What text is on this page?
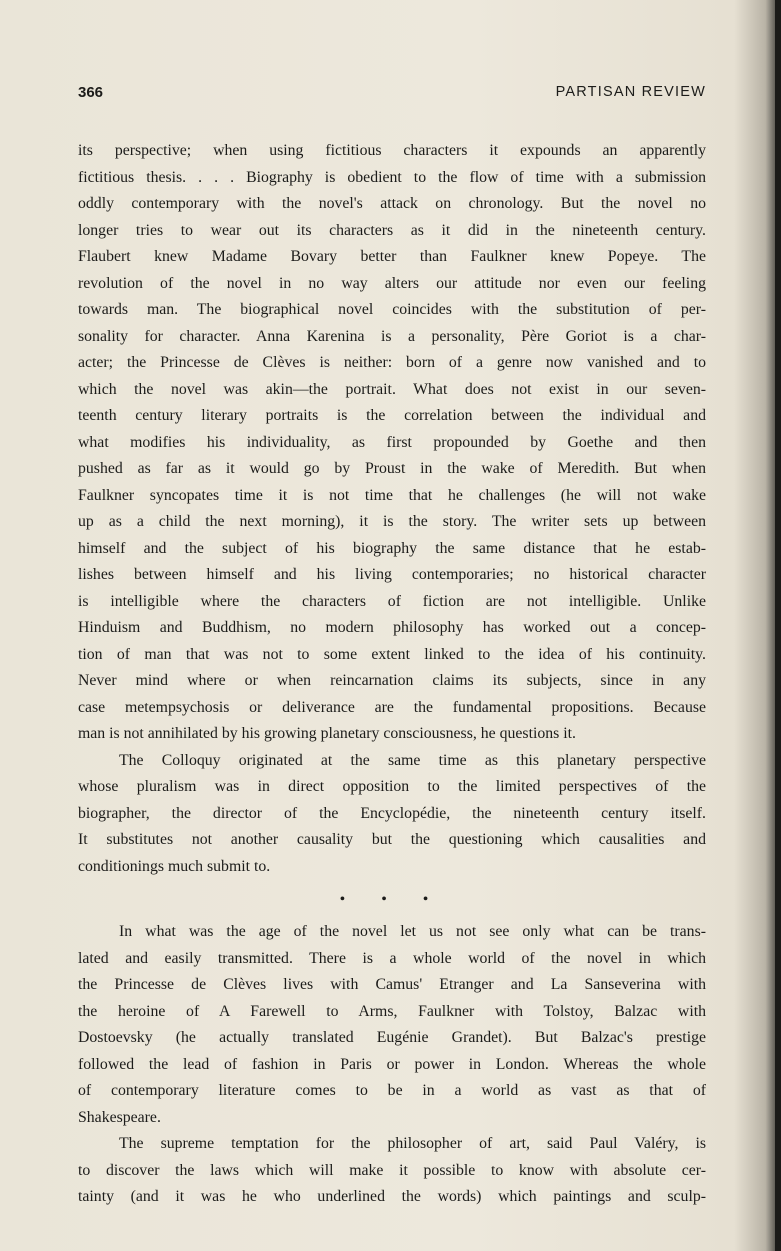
366	PARTISAN REVIEW
its perspective; when using fictitious characters it expounds an apparently
fictitious thesis. . . . Biography is obedient to the flow of time with a submission
oddly contemporary with the novel's attack on chronology. But the novel no
longer tries to wear out its characters as it did in the nineteenth century.
Flaubert knew Madame Bovary better than Faulkner knew Popeye. The
revolution of the novel in no way alters our attitude nor even our feeling
towards man. The biographical novel coincides with the substitution of per-
sonality for character. Anna Karenina is a personality, Père Goriot is a char-
acter; the Princesse de Clèves is neither: born of a genre now vanished and to
which the novel was akin—the portrait. What does not exist in our seven-
teenth century literary portraits is the correlation between the individual and
what modifies his individuality, as first propounded by Goethe and then
pushed as far as it would go by Proust in the wake of Meredith. But when
Faulkner syncopates time it is not time that he challenges (he will not wake
up as a child the next morning), it is the story. The writer sets up between
himself and the subject of his biography the same distance that he estab-
lishes between himself and his living contemporaries; no historical character
is intelligible where the characters of fiction are not intelligible. Unlike
Hinduism and Buddhism, no modern philosophy has worked out a concep-
tion of man that was not to some extent linked to the idea of his continuity.
Never mind where or when reincarnation claims its subjects, since in any
case metempsychosis or deliverance are the fundamental propositions. Because
man is not annihilated by his growing planetary consciousness, he questions it.
The Colloquy originated at the same time as this planetary perspective
whose pluralism was in direct opposition to the limited perspectives of the
biographer, the director of the Encyclopédie, the nineteenth century itself.
It substitutes not another causality but the questioning which causalities and
conditionings much submit to.
• • •
In what was the age of the novel let us not see only what can be trans-
lated and easily transmitted. There is a whole world of the novel in which
the Princesse de Clèves lives with Camus' Etranger and La Sanseverina with
the heroine of A Farewell to Arms, Faulkner with Tolstoy, Balzac with
Dostoevsky (he actually translated Eugénie Grandet). But Balzac's prestige
followed the lead of fashion in Paris or power in London. Whereas the whole
of contemporary literature comes to be in a world as vast as that of
Shakespeare.
The supreme temptation for the philosopher of art, said Paul Valéry, is
to discover the laws which will make it possible to know with absolute cer-
tainty (and it was he who underlined the words) which paintings and sculp-
